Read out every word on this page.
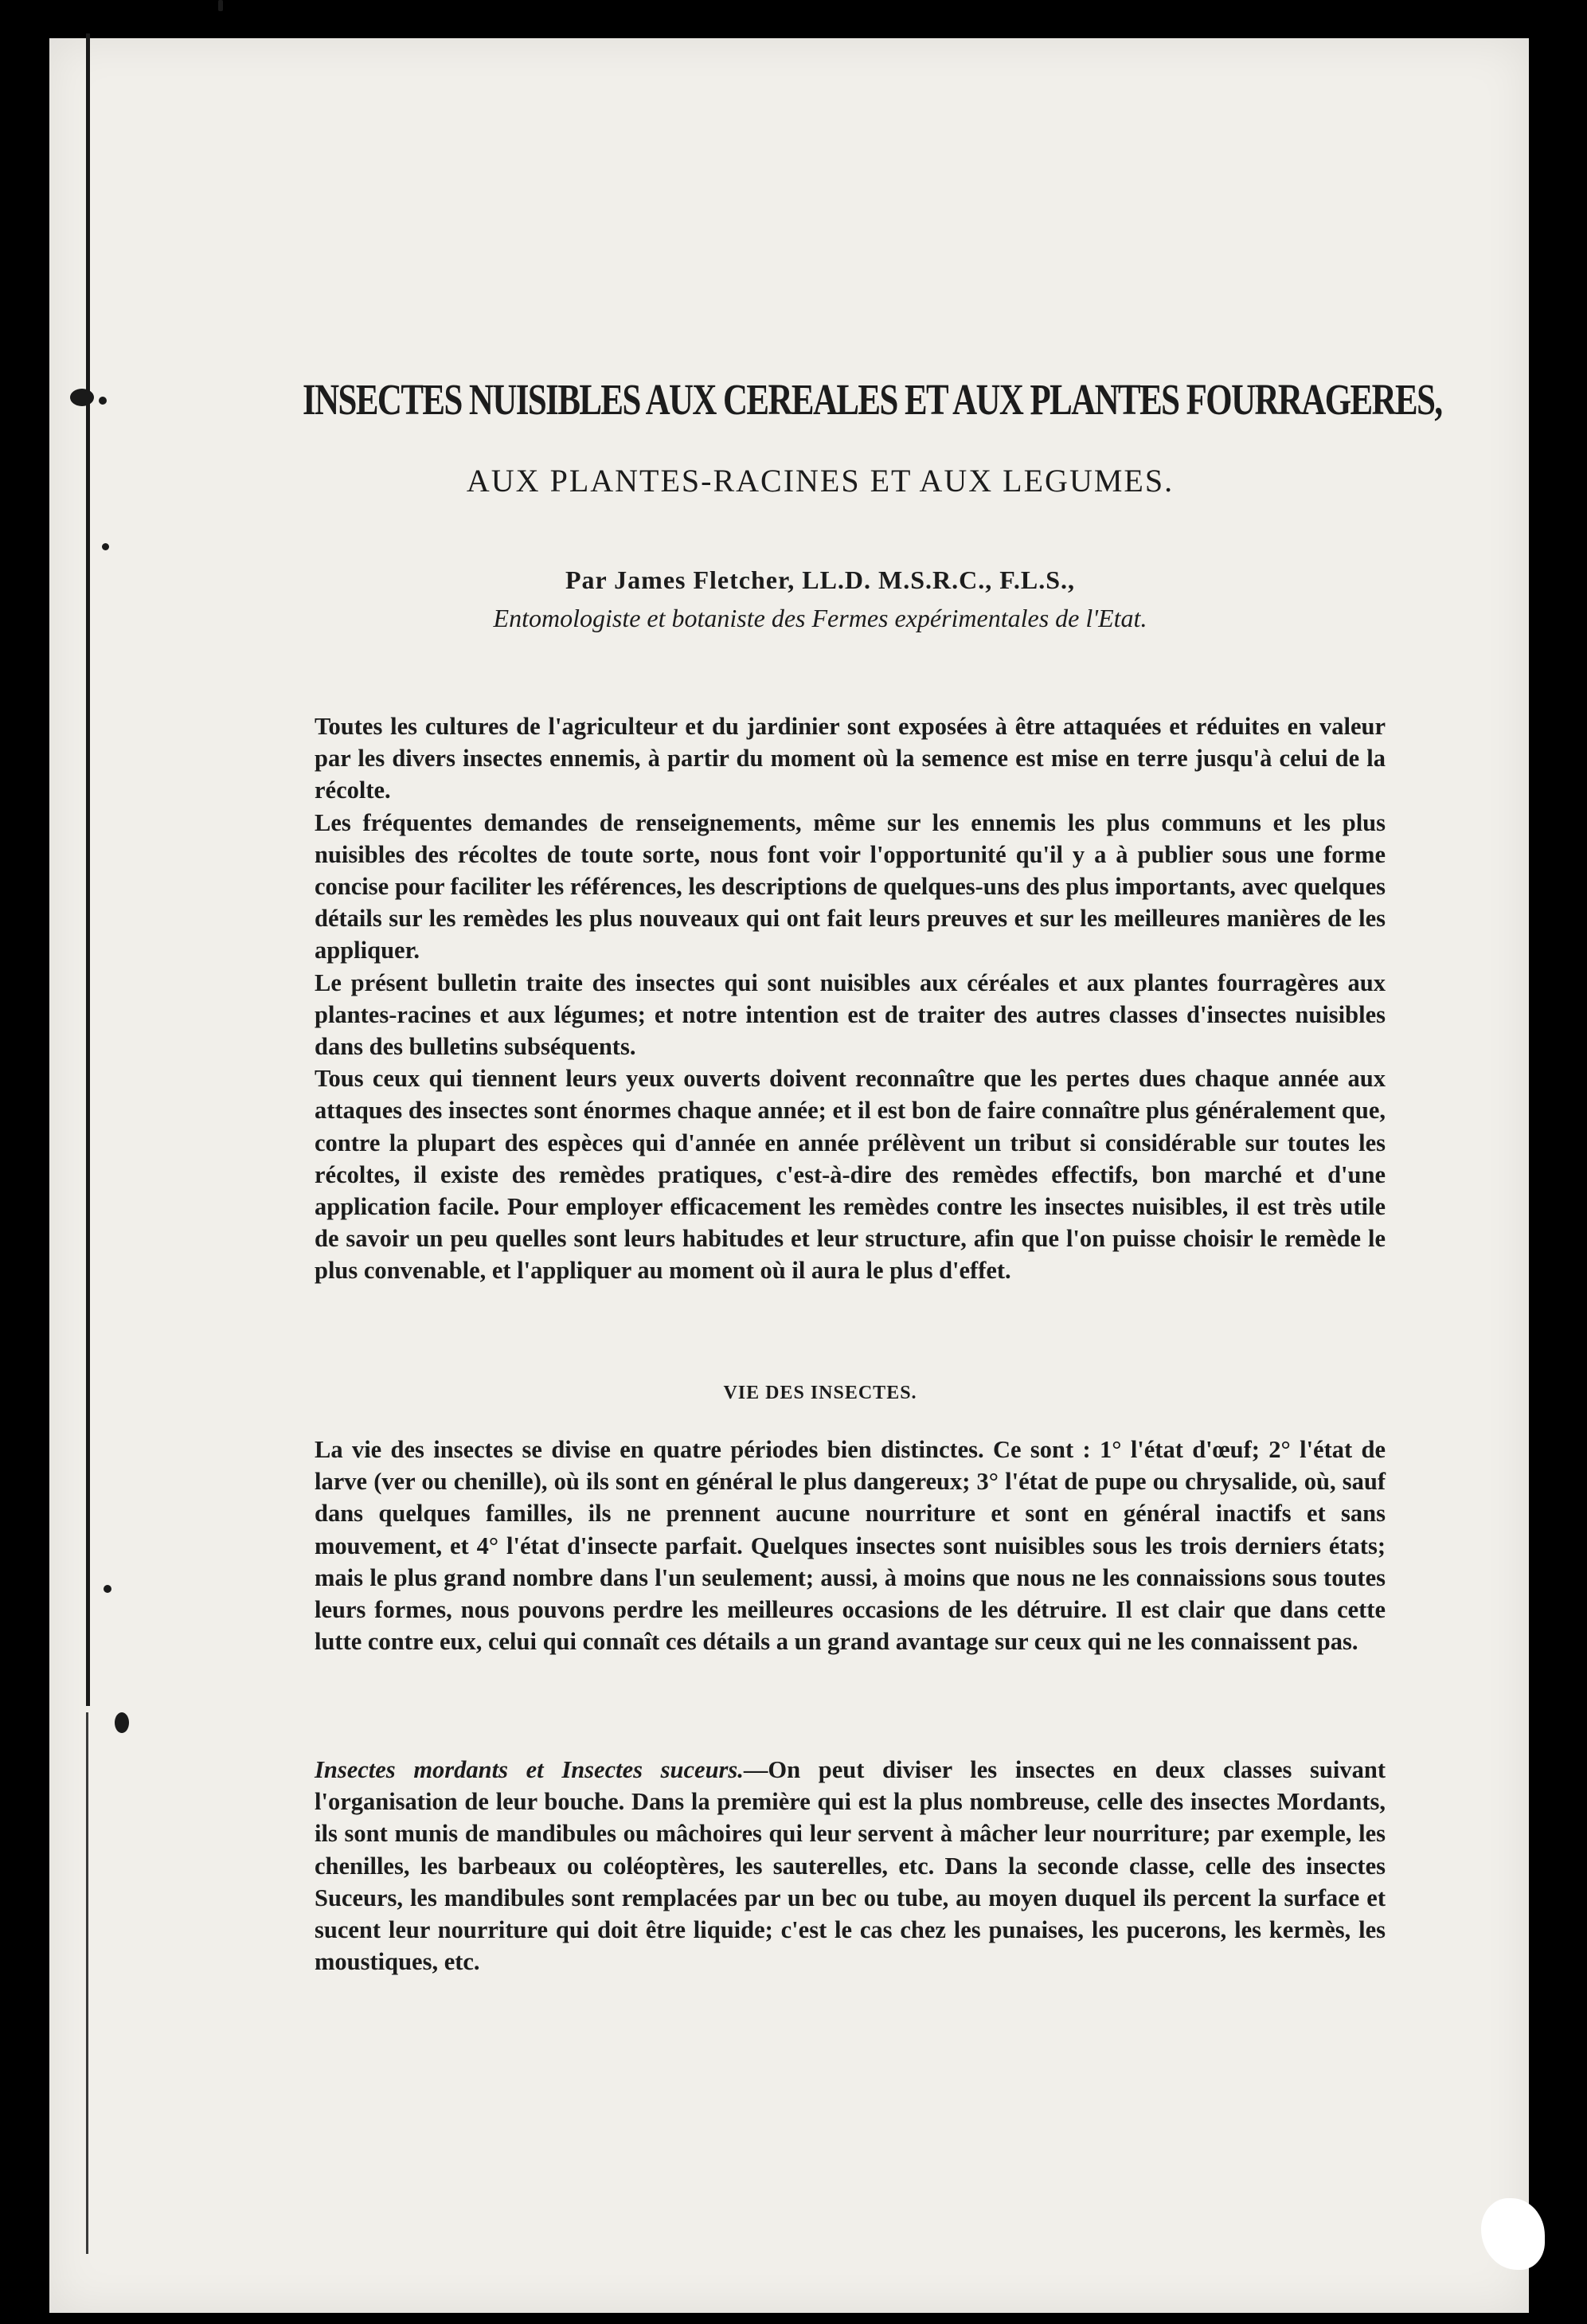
INSECTES NUISIBLES AUX CEREALES ET AUX PLANTES FOURRAGERES,
AUX PLANTES-RACINES ET AUX LEGUMES.
Par James Fletcher, LL.D. M.S.R.C., F.L.S.,
Entomologiste et botaniste des Fermes expérimentales de l'Etat.

Toutes les cultures de l'agriculteur et du jardinier sont exposées à être attaquées et réduites en valeur par les divers insectes ennemis, à partir du moment où la semence est mise en terre jusqu'à celui de la récolte.

Les fréquentes demandes de renseignements, même sur les ennemis les plus communs et les plus nuisibles des récoltes de toute sorte, nous font voir l'opportunité qu'il y a à publier sous une forme concise pour faciliter les références, les descriptions de quelques-uns des plus importants, avec quelques détails sur les remèdes les plus nouveaux qui ont fait leurs preuves et sur les meilleures manières de les appliquer.

Le présent bulletin traite des insectes qui sont nuisibles aux céréales et aux plantes fourragères aux plantes-racines et aux légumes; et notre intention est de traiter des autres classes d'insectes nuisibles dans des bulletins subséquents.

Tous ceux qui tiennent leurs yeux ouverts doivent reconnaître que les pertes dues chaque année aux attaques des insectes sont énormes chaque année; et il est bon de faire connaître plus généralement que, contre la plupart des espèces qui d'année en année prélèvent un tribut si considérable sur toutes les récoltes, il existe des remèdes pratiques, c'est-à-dire des remèdes effectifs, bon marché et d'une application facile. Pour employer efficacement les remèdes contre les insectes nuisibles, il est très utile de savoir un peu quelles sont leurs habitudes et leur structure, afin que l'on puisse choisir le remède le plus convenable, et l'appliquer au moment où il aura le plus d'effet.

VIE DES INSECTES.

La vie des insectes se divise en quatre périodes bien distinctes. Ce sont : 1° l'état d'œuf; 2° l'état de larve (ver ou chenille), où ils sont en général le plus dangereux; 3° l'état de pupe ou chrysalide, où, sauf dans quelques familles, ils ne prennent aucune nourriture et sont en général inactifs et sans mouvement, et 4° l'état d'insecte parfait. Quelques insectes sont nuisibles sous les trois derniers états; mais le plus grand nombre dans l'un seulement; aussi, à moins que nous ne les connaissions sous toutes leurs formes, nous pouvons perdre les meilleures occasions de les détruire. Il est clair que dans cette lutte contre eux, celui qui connaît ces détails a un grand avantage sur ceux qui ne les connaissent pas.

Insectes mordants et Insectes suceurs.—On peut diviser les insectes en deux classes suivant l'organisation de leur bouche. Dans la première qui est la plus nombreuse, celle des insectes Mordants, ils sont munis de mandibules ou mâchoires qui leur servent à mâcher leur nourriture; par exemple, les chenilles, les barbeaux ou coléoptères, les sauterelles, etc. Dans la seconde classe, celle des insectes Suceurs, les mandibules sont remplacées par un bec ou tube, au moyen duquel ils percent la surface et sucent leur nourriture qui doit être liquide; c'est le cas chez les punaises, les pucerons, les kermès, les moustiques, etc.
